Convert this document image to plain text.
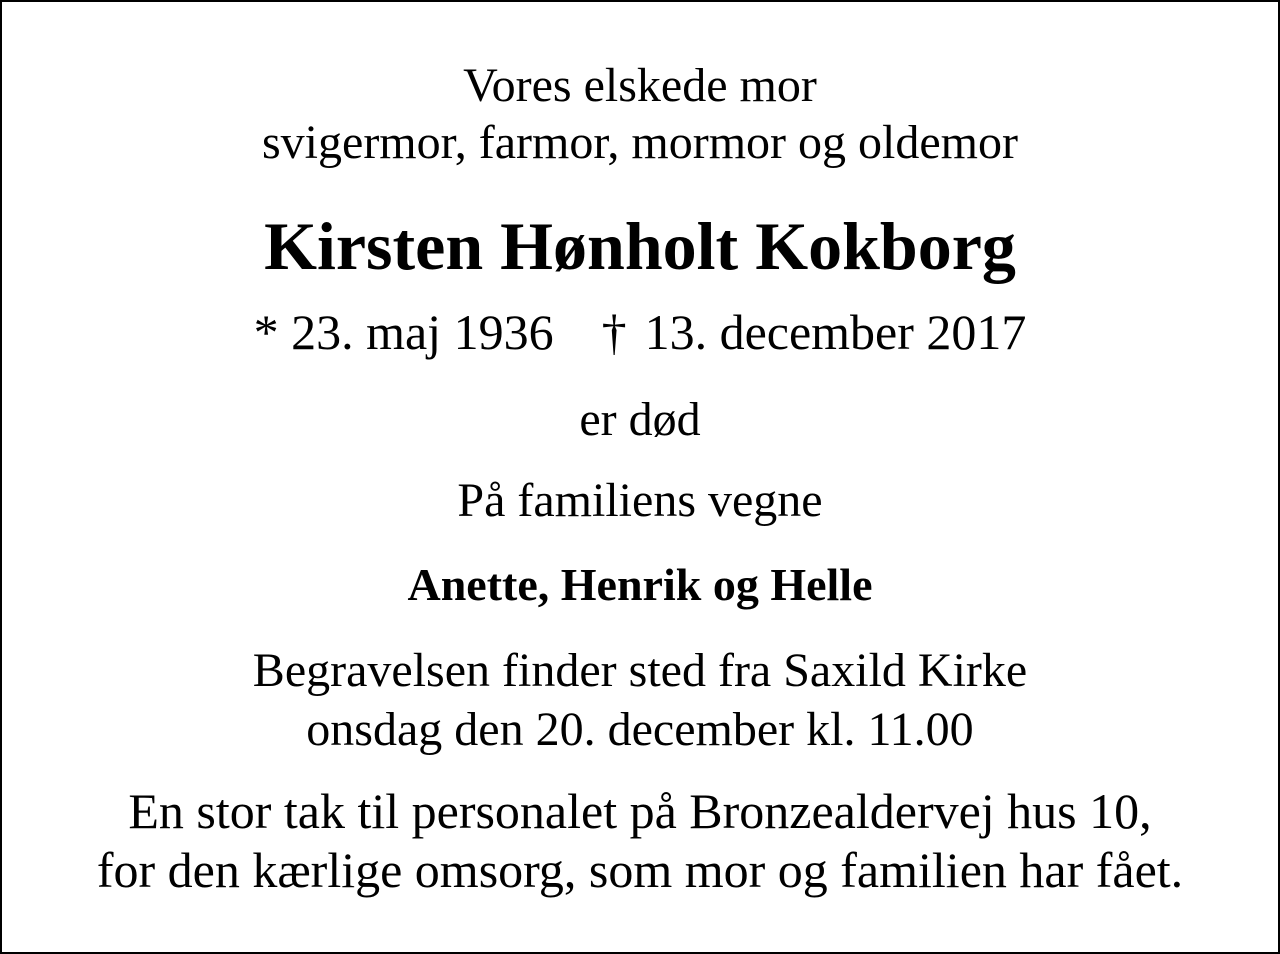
Vores elskede mor
svigermor, farmor, mormor og oldemor
Kirsten Hønholt Kokborg
* 23. maj 1936 † 13. december 2017
er død
På familiens vegne
Anette, Henrik og Helle
Begravelsen finder sted fra Saxild Kirke
onsdag den 20. december kl. 11.00
En stor tak til personalet på Bronzealdervej hus 10,
for den kærlige omsorg, som mor og familien har fået.
